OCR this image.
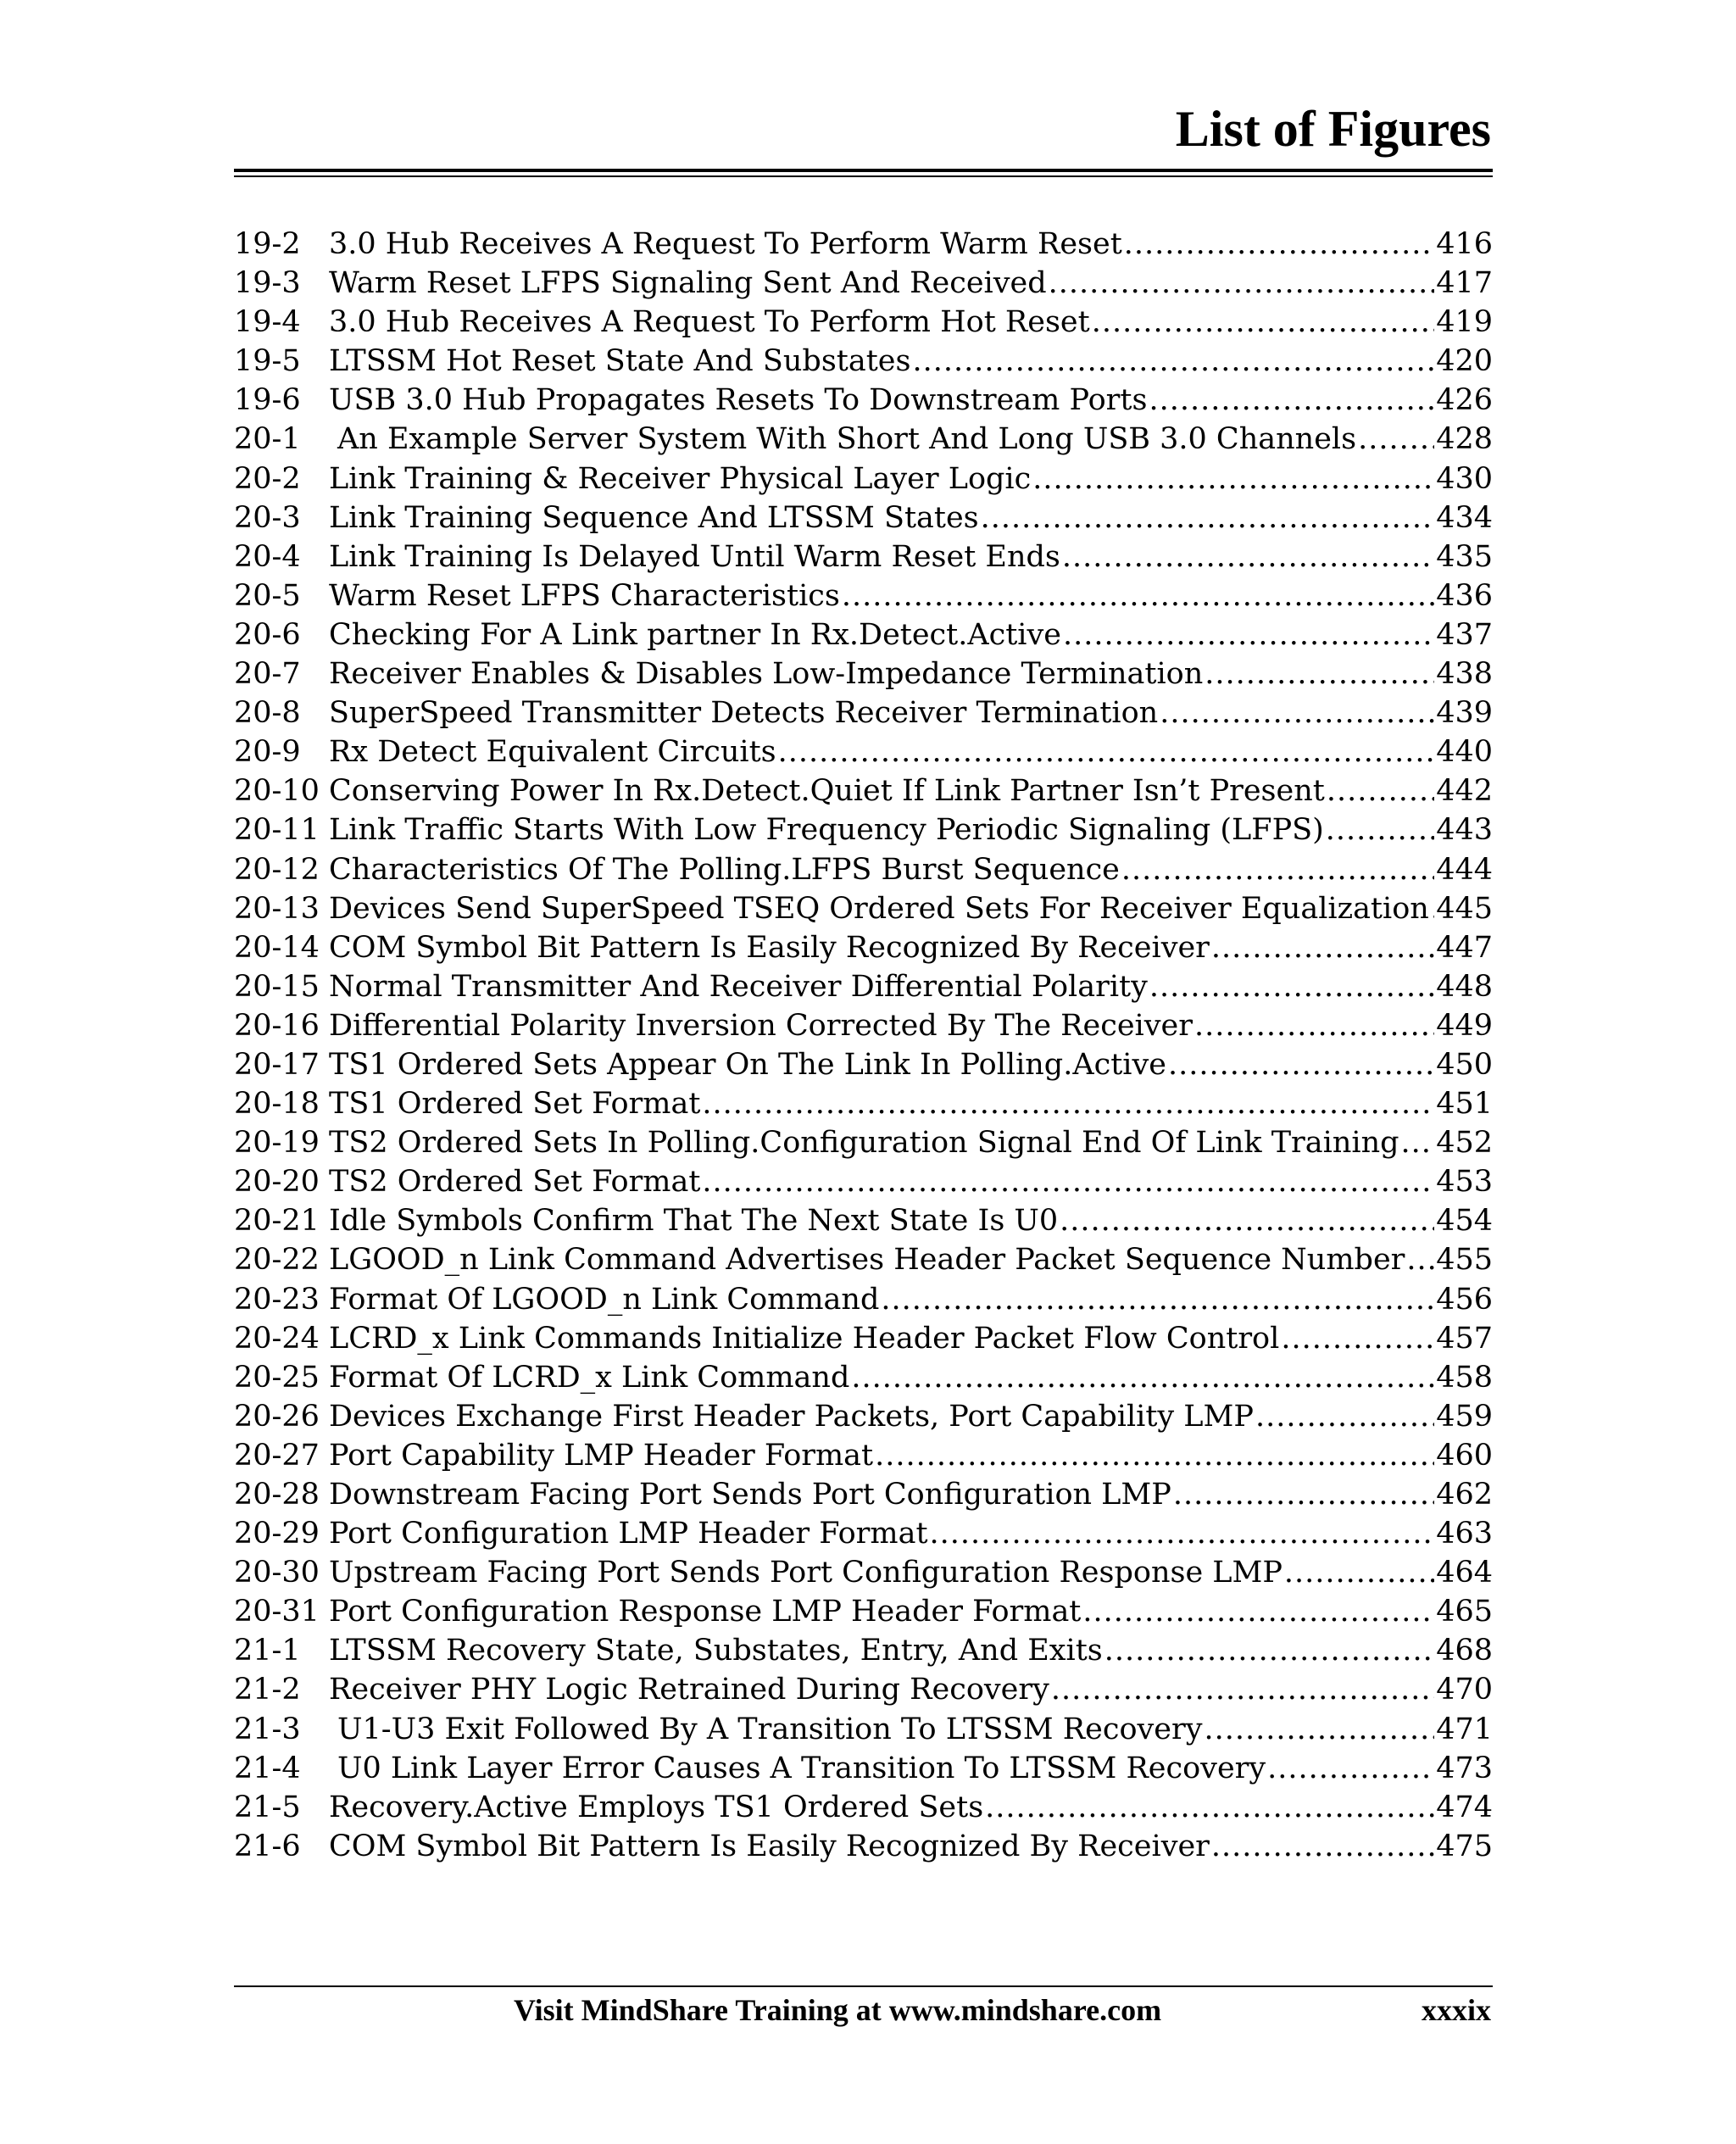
List of Figures
19-2 3.0 Hub Receives A Request To Perform Warm Reset .....	416
19-3 Warm Reset LFPS Signaling Sent And Received .....	417
19-4 3.0 Hub Receives A Request To Perform Hot Reset .....	419
19-5 LTSSM Hot Reset State And Substates .....	420
19-6 USB 3.0 Hub Propagates Resets To Downstream Ports .....	426
20-1	An Example Server System With Short And Long USB 3.0 Channels .....	428
20-2 Link Training & Receiver Physical Layer Logic .....	430
20-3 Link Training Sequence And LTSSM States .....	434
20-4 Link Training Is Delayed Until Warm Reset Ends .....	435
20-5 Warm Reset LFPS Characteristics .....	436
20-6 Checking For A Link partner In Rx.Detect.Active .....	437
20-7 Receiver Enables & Disables Low-Impedance Termination .....	438
20-8 SuperSpeed Transmitter Detects Receiver Termination .....	439
20-9 Rx Detect Equivalent Circuits .....	440
20-10 Conserving Power In Rx.Detect.Quiet If Link Partner Isn’t Present .....	442
20-11 Link Traffic Starts With Low Frequency Periodic Signaling (LFPS) .....	443
20-12 Characteristics Of The Polling.LFPS Burst Sequence .....	444
20-13 Devices Send SuperSpeed TSEQ Ordered Sets For Receiver Equalization ..... 445
20-14 COM Symbol Bit Pattern Is Easily Recognized By Receiver .....	447
20-15 Normal Transmitter And Receiver Differential Polarity .....	448
20-16 Differential Polarity Inversion Corrected By The Receiver .....	449
20-17 TS1 Ordered Sets Appear On The Link In Polling.Active .....	450
20-18 TS1 Ordered Set Format .....	451
20-19 TS2 Ordered Sets In Polling.Configuration Signal End Of Link Training ..... 452
20-20 TS2 Ordered Set Format .....	453
20-21 Idle Symbols Confirm That The Next State Is U0 .....	454
20-22 LGOOD_n Link Command Advertises Header Packet Sequence Number ..... 455
20-23 Format Of LGOOD_n Link Command .....	456
20-24 LCRD_x Link Commands Initialize Header Packet Flow Control .....	457
20-25 Format Of LCRD_x Link Command .....	458
20-26 Devices Exchange First Header Packets, Port Capability LMP .....	459
20-27 Port Capability LMP Header Format .....	460
20-28 Downstream Facing Port Sends Port Configuration LMP .....	462
20-29 Port Configuration LMP Header Format .....	463
20-30 Upstream Facing Port Sends Port Configuration Response LMP .....	464
20-31 Port Configuration Response LMP Header Format .....	465
21-1 LTSSM Recovery State, Substates, Entry, And Exits .....	468
21-2 Receiver PHY Logic Retrained During Recovery .....	470
21-3	U1-U3 Exit Followed By A Transition To LTSSM Recovery .....	471
21-4	U0 Link Layer Error Causes A Transition To LTSSM Recovery .....	473
21-5 Recovery.Active Employs TS1 Ordered Sets .....	474
21-6 COM Symbol Bit Pattern Is Easily Recognized By Receiver .....	475
Visit MindShare Training at www.mindshare.com	xxxix
